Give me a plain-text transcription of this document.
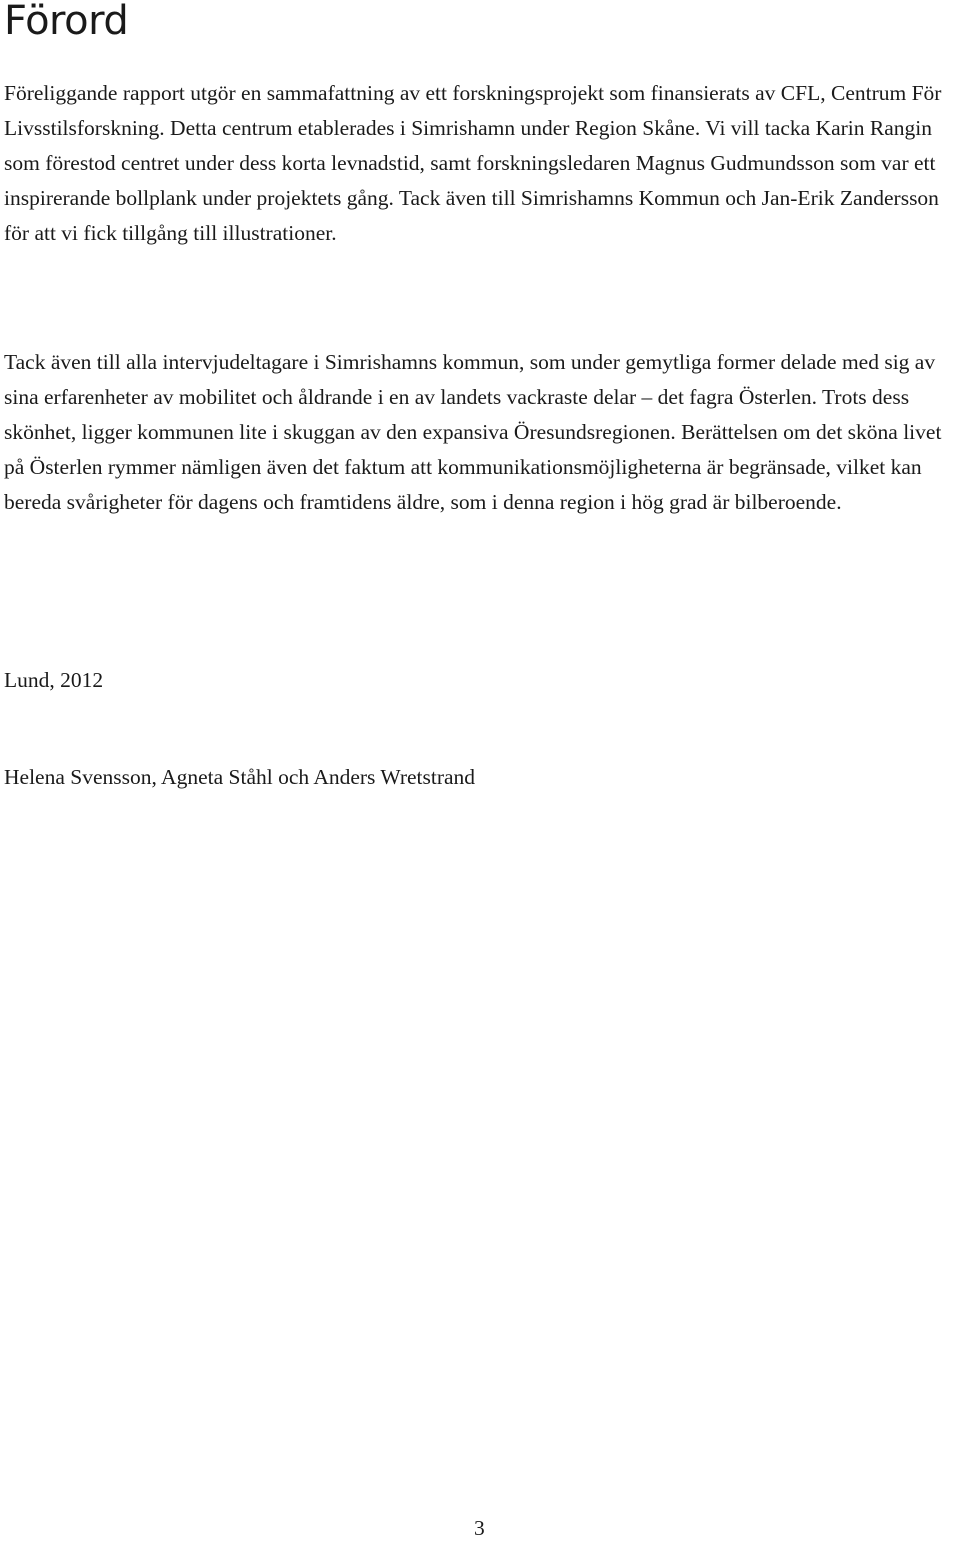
Förord

Föreliggande rapport utgör en sammafattning av ett forskningsprojekt som finansierats av CFL, Centrum För Livsstilsforskning. Detta centrum etablerades i Simrishamn under Region Skåne. Vi vill tacka Karin Rangin som förestod centret under dess korta levnadstid, samt forskningsledaren Magnus Gudmundsson som var ett inspirerande bollplank under projektets gång. Tack även till Simrishamns Kommun och Jan-Erik Zandersson för att vi fick tillgång till illustrationer.

Tack även till alla intervjudeltagare i Simrishamns kommun, som under gemytliga former delade med sig av sina erfarenheter av mobilitet och åldrande i en av landets vackraste delar – det fagra Österlen. Trots dess skönhet, ligger kommunen lite i skuggan av den expansiva Öresundsregionen. Berättelsen om det sköna livet på Österlen rymmer nämligen även det faktum att kommunikationsmöjligheterna är begränsade, vilket kan bereda svårigheter för dagens och framtidens äldre, som i denna region i hög grad är bilberoende.

Lund, 2012

Helena Svensson, Agneta Ståhl och Anders Wretstrand

3
